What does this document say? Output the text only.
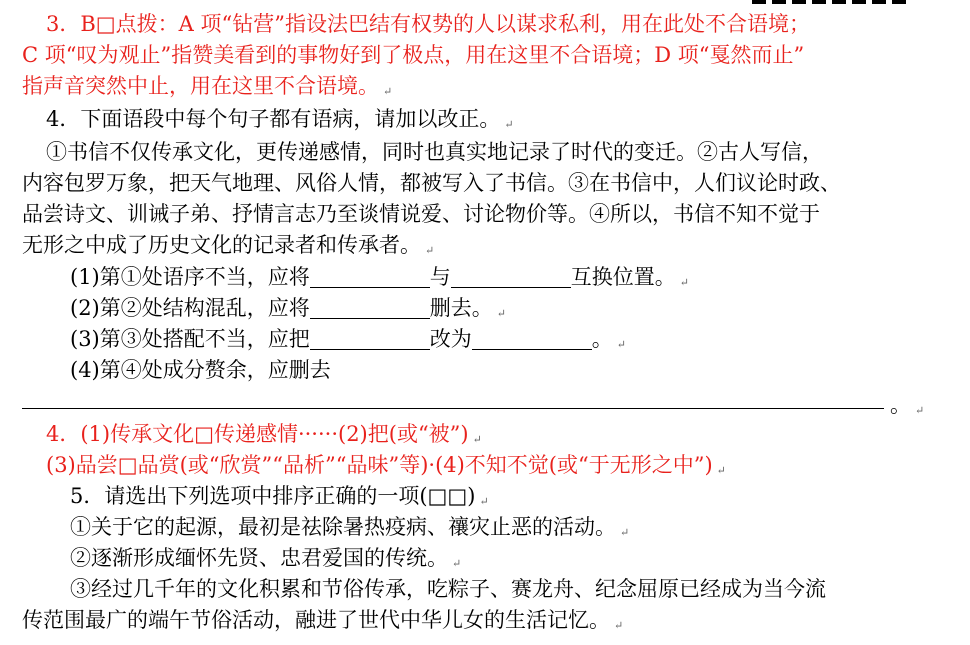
3．B□点拨：A 项“钻营”指设法巴结有权势的人以谋求私利，用在此处不合语境；
C 项“叹为观止”指赞美看到的事物好到了极点，用在这里不合语境；D 项“戛然而止”
指声音突然中止，用在这里不合语境。 ↵
4．下面语段中每个句子都有语病，请加以改正。 ↵
①书信不仅传承文化，更传递感情，同时也真实地记录了时代的变迁。②古人写信，
内容包罗万象，把天气地理、风俗人情，都被写入了书信。③在书信中，人们议论时政、
品尝诗文、训诫子弟、抒情言志乃至谈情说爱、讨论物价等。④所以，书信不知不觉于
无形之中成了历史文化的记录者和传承者。 ↵
(1)第①处语序不当，应将	与	互换位置。 ↵
(2)第②处结构混乱，应将	删去。 ↵
(3)第③处搭配不当，应把	改为	。 ↵
(4)第④处成分赘余，应删去
。 ↵
4．(1)传承文化□传递感情······(2)把(或“被”) ↵
(3)品尝□品赏(或“欣赏”“品析”“品味”等)·(4)不知不觉(或“于无形之中”) ↵
5．请选出下列选项中排序正确的一项(□□) ↵
①关于它的起源，最初是祛除暑热疫病、禳灾止恶的活动。 ↵
②逐渐形成缅怀先贤、忠君爱国的传统。 ↵
③经过几千年的文化积累和节俗传承，吃粽子、赛龙舟、纪念屈原已经成为当今流
传范围最广的端午节俗活动，融进了世代中华儿女的生活记忆。 ↵
